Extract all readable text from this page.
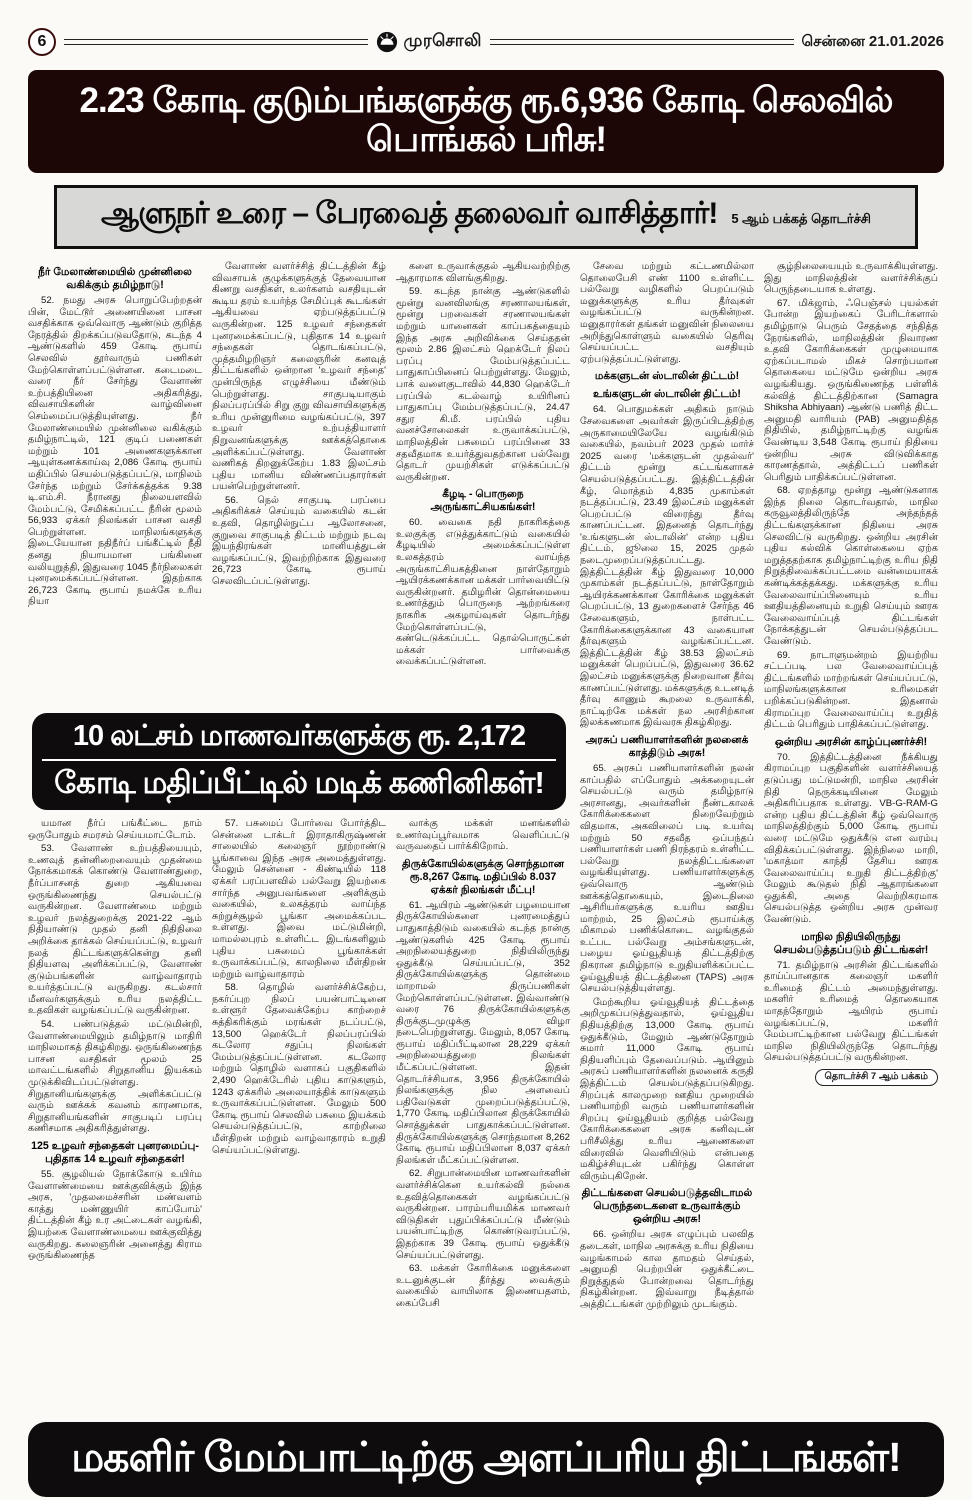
6	முரசொலி	சென்னை 21.01.2026
2.23 கோடி குடும்பங்களுக்கு ரூ.6,936 கோடி செலவில் பொங்கல் பரிசு!
ஆளுநர் உரை – பேரவைத் தலைவர் வாசித்தார்! 5 ஆம் பக்கத் தொடர்ச்சி
நீர் மேலாண்மையில் முன்னிலை வகிக்கும் தமிழ்நாடு!
52. நமது அரசு பொறுப்பேற்றதன் பின், மேட்டூர் அணையினை பாசன வசதிக்காக ஒவ்வொரு ஆண்டும் குறித்த நேரத்தில் திறக்கப்படுவதோடு, கடந்த 4 ஆண்டுகளில் 459 கோடி ரூபாய் செலவில் தூர்வாரும் பணிகள் மேற்கொள்ளப்பட்டுள்ளன. கடைமடை வரை நீர் சேர்ந்து வேளாண் உற்பத்தியினை அதிகரித்து, விவசாயிகளின் வாழ்வினை செம்மைப்படுத்தியுள்ளது. நீர் மேலாண்மையில் முன்னிலை வகிக்கும் தமிழ்நாட்டில், 121 குடிப் பணைகள் மற்றும் 101 அணைகளுக்கான ஆயுள்கணக்காய்வு 2,086 கோடி ரூபாய் மதிப்பில் செயல்படுத்தப்பட்டு, மாநிலம் சேர்ந்த மற்றும் சேர்க்கத்தக்க 9.38 டி.எம்.சி. நீரானது நிலையளவில் மேம்பட்டு, சேமிக்கப்பட்ட நீரின் மூலம் 56,933 ஏக்கர் நிலங்கள் பாசன வசதி பெற்றுள்ளன. மாநிலங்களுக்கு இடையேயான நதிநீர்ப் பங்கீட்டில் நீதி தனது நியாயமான பங்கினை வலியுறுத்தி, இதுவரை 1045 நீர்நிலைகள் புனரமைக்கப்பட்டுள்ளன. இதற்காக 26,723 கோடி ரூபாய் நமக்கே உரிய நியா
வேளாண் வளர்ச்சித் திட்டத்தின் கீழ் விவசாயக் குழுக்களுக்குத் தேவையான கிணறு வசதிகள், உலர்களம் வசதியுடன் கூடிய தரம் உயர்ந்த சேமிப்புக் கூடங்கள் ஆகியவை ஏற்படுத்தப்பட்டு வருகின்றன. 125 உழவர் சந்தைகள் புனரமைக்கப்பட்டு, புதிதாக 14 உழவர் சந்தைகள் தொடங்கப்பட்டு, முத்தமிழறிஞர் கலைஞரின் கனவுத் திட்டங்களில் ஒன்றான 'உழவர் சந்தை' முன்பிருந்த எழுச்சியை மீண்டும் பெற்றுள்ளது. சாகுபடியாகும் நிலப்பரப்பில் சிறு குறு விவசாயிகளுக்கு உரிய முன்னுரிமை வழங்கப்பட்டு, 397 உழவர் உற்பத்தியாளர் நிறுவனங்களுக்கு ஊக்கத்தொகை அளிக்கப்பட்டுள்ளது. வேளாண் வணிகத் திறனுக்கேற்ப 1.83 இலட்சம் புதிய மானிய விண்ணப்பதாரர்கள் பயன்பெற்றுள்ளனர்.
56. நெல் சாகுபடி பரப்பை அதிகரிக்கச் செய்யும் வகையில் கடன் உதவி, தொழில்நுட்ப ஆலோசனை, குறுவை சாகுபடித் திட்டம் மற்றும் நடவு இயந்திரங்கள் மானியத்துடன் வழங்கப்பட்டு, இவற்றிற்காக இதுவரை 26,723 கோடி ரூபாய் செலவிடப்பட்டுள்ளது.
களை உருவாக்குதல் ஆகியவற்றிற்கு ஆதாரமாக விளங்குகிறது.
59. கடந்த நான்கு ஆண்டுகளில் மூன்று வனவிலங்கு சரணாலயங்கள், மூன்று பறவைகள் சரணாலயங்கள் மற்றும் யானைகள் காப்பகத்தையும் இந்த அரசு அறிவிக்கை செய்ததன் மூலம் 2.86 இலட்சம் ஹெக்டேர் நிலப் பரப்பு மேம்படுத்தப்பட்ட பாதுகாப்பினைப் பெற்றுள்ளது. மேலும், பாக் வளைகுடாவில் 44,830 ஹெக்டேர் பரப்பில் கடல்வாழ் உயிரினப் பாதுகாப்பு மேம்படுத்தப்பட்டு, 24.47 சதுர கி.மீ. பரப்பில் புதிய வனச்சோலைகள் உருவாக்கப்பட்டு, மாநிலத்தின் பசுமைப் பரப்பினை 33 சதவீதமாக உயர்த்துவதற்கான பல்வேறு தொடர் முயற்சிகள் எடுக்கப்பட்டு வருகின்றன.
கீழடி - பொருநை அருங்காட்சியகங்கள்!
60. வைகை நதி நாகரிகத்தை உலகுக்கு எடுத்துக்காட்டும் வகையில் கீழடியில் அமைக்கப்பட்டுள்ள உலகத்தரம் வாய்ந்த அருங்காட்சியகத்தினை நாள்தோறும் ஆயிரக்கணக்கான மக்கள் பார்வையிட்டு வருகின்றனர். தமிழரின் தொன்மையை உணர்த்தும் பொருநை ஆற்றங்கரை நாகரிக அகழாய்வுகள் தொடர்ந்து மேற்கொள்ளப்பட்டு, கண்டெடுக்கப்பட்ட தொல்பொருட்கள் மக்கள் பார்வைக்கு வைக்கப்பட்டுள்ளன.
10 லட்சம் மாணவர்களுக்கு ரூ. 2,172
கோடி மதிப்பீட்டில் மடிக் கணினிகள்!
யமான நீர்ப் பங்கீட்டை நாம் ஒருபோதும் சமரசம் செய்யமாட்டோம்.
53. வேளாண் உற்பத்தியையும், உணவுத் தன்னிறைவையும் முதன்மை நோக்கமாகக் கொண்டு வேளாண்துறை, நீர்ப்பாசனத் துறை ஆகியவை ஒருங்கிணைந்து செயல்பட்டு வருகின்றன. வேளாண்மை மற்றும் உழவர் நலத்துறைக்கு 2021-22 ஆம் நிதியாண்டு முதல் தனி நிதிநிலை அறிக்கை தாக்கல் செய்யப்பட்டு, உழவர் நலத் திட்டங்களுக்கென்று தனி நிதியளவு அளிக்கப்பட்டு, வேளாண் குடும்பங்களின் வாழ்வாதாரம் உயர்த்தப்பட்டு வருகிறது. கடல்சார் மீனவர்களுக்கும் உரிய நலத்திட்ட உதவிகள் வழங்கப்பட்டு வருகின்றன.
54. பண்படுத்தல் மட்டுமின்றி, வேளாண்மையிலும் தமிழ்நாடு மாதிரி மாநிலமாகத் திகழ்கிறது. ஒருங்கிணைந்த பாசன வசதிகள் மூலம் 25 மாவட்டங்களில் சிறுதானிய இயக்கம் முடுக்கிவிடப்பட்டுள்ளது. சிறுதானியங்களுக்கு அளிக்கப்பட்டு வரும் ஊக்கக் கவனம் காரணமாக, சிறுதானியங்களின் சாகுபடிப் பரப்பு கணிசமாக அதிகரித்துள்ளது.
125 உழவர் சந்தைகள் புனரமைப்பு- புதிதாக 14 உழவர் சந்தைகள்!
55. சூழலியல் நோக்கோடு உயிர்ம வேளாண்மையை ஊக்குவிக்கும் இந்த அரசு, 'முதலமைச்சரின் மண்வளம் காத்து மண்ணுயிர் காப்போம்' திட்டத்தின் கீழ் உர அட்டைகள் வழங்கி, இயற்கை வேளாண்மையை ஊக்குவித்து வருகிறது. கலைஞரின் அனைத்து கிராம ஒருங்கிணைந்த
57. பசுமைப் போர்வை போர்த்திட சென்னை டாக்டர் இராதாகிருஷ்ணன் சாலையில் கலைஞர் நூற்றாண்டு பூங்காவை இந்த அரசு அமைத்துள்ளது. மேலும் சென்னை - கிண்டியில் 118 ஏக்கர் பரப்பளவில் பல்வேறு இயற்கை சார்ந்த அனுபவங்களை அளிக்கும் வகையில், உலகத்தரம் வாய்ந்த சுற்றுச்சூழல் பூங்கா அமைக்கப்பட உள்ளது. இவை மட்டுமின்றி, மாமல்லபுரம் உள்ளிட்ட இடங்களிலும் புதிய பசுமைப் பூங்காக்கள் உருவாக்கப்பட்டு, காலநிலை மீள்திறன் மற்றும் வாழ்வாதாரம்
58. தொழில் வளர்ச்சிக்கேற்ப, நகர்ப்புற நிலப் பயன்பாட்டினை உள்ளூர் தேவைக்கேற்ப காற்றைச் சுத்திகரிக்கும் மரங்கள் நடப்பட்டு, 13,500 ஹெக்டேர் நிலப்பரப்பில் கடலோர சதுப்பு நிலங்கள் மேம்படுத்தப்பட்டுள்ளன. கடலோர மற்றும் தொழில் வளாகப் பகுதிகளில் 2,490 ஹெக்டேரில் புதிய காடுகளும், 1243 ஏக்கரில் அலையாத்திக் காடுகளும் உருவாக்கப்பட்டுள்ளன. மேலும் 500 கோடி ரூபாய் செலவில் பசுமை இயக்கம் செயல்படுத்தப்பட்டு, காற்றிலை மீள்திறன் மற்றும் வாழ்வாதாரம் உறுதி செய்யப்பட்டுள்ளது.
வாக்கு மக்கள் மனங்களில் உணர்வுப்பூர்வமாக வெளிப்பட்டு வருவதைப் பார்க்கிறோம்.
திருக்கோயில்களுக்கு சொந்தமான ரூ.8,267 கோடி மதிப்பில் 8.037 ஏக்கர் நிலங்கள் மீட்பு!
61. ஆயிரம் ஆண்டுகள் பழமையான திருக்கோயில்களை புனரமைத்துப் பாதுகாத்திடும் வகையில் கடந்த நான்கு ஆண்டுகளில் 425 கோடி ரூபாய் அறநிலையத்துறை நிதியிலிருந்து ஒதுக்கீடு செய்யப்பட்டு, 352 திருக்கோயில்களுக்கு தொன்மை மாறாமல் திருப்பணிகள் மேற்கொள்ளப்பட்டுள்ளன. இவ்வாண்டு வரை 76 திருக்கோயில்களுக்கு திருக்குடமுழுக்கு விழா நடைபெற்றுள்ளது. மேலும், 8,057 கோடி ரூபாய் மதிப்பீட்டிலான 28,229 ஏக்கர் அறநிலையத்துறை நிலங்கள் மீட்கப்பட்டுள்ளன. இதன் தொடர்ச்சியாக, 3,956 திருக்கோயில் நிலங்களுக்கு நில அளவைப் பதிவேடுகள் முறைப்படுத்தப்பட்டு, 1,770 கோடி மதிப்பிலான திருக்கோயில் சொத்துக்கள் பாதுகாக்கப்பட்டுள்ளன. திருக்கோயில்களுக்கு சொந்தமான 8,262 கோடி ரூபாய் மதிப்பிலான 8,037 ஏக்கர் நிலங்கள் மீட்கப்பட்டுள்ளன.
62. சிறுபான்மையின மாணவர்களின் வளர்ச்சிக்கென உயர்கல்வி நல்கை உதவித்தொகைகள் வழங்கப்பட்டு வருகின்றன. பாரம்பரியமிக்க மாணவர் விடுதிகள் புதுப்பிக்கப்பட்டு மீண்டும் பயன்பாட்டிற்கு கொண்டுவரப்பட்டு, இதற்காக 39 கோடி ரூபாய் ஒதுக்கீடு செய்யப்பட்டுள்ளது.
63. மக்கள் கோரிக்கை மனுக்களை உடனுக்குடன் தீர்த்து வைக்கும் வகையில் வாயிலாக இணையதளம், கைப்பேசி
சேவை மற்றும் கட்டணமில்லா தொலைபேசி எண் 1100 உள்ளிட்ட பல்வேறு வழிகளில் பெறப்படும் மனுக்களுக்கு உரிய தீர்வுகள் வழங்கப்பட்டு வருகின்றன. மனுதாரர்கள் தங்கள் மனுவின் நிலையை அறிந்துகொள்ளும் வகையில் தெரிவு செய்யப்பட்ட வசதியும் ஏற்படுத்தப்பட்டுள்ளது.
மக்களுடன் ஸ்டாலின் திட்டம்!
உங்களுடன் ஸ்டாலின் திட்டம்!
64. பொதுமக்கள் அதிகம் நாடும் சேவைகளை அவர்கள் இருப்பிடத்திற்கு அருகாமையிலேயே வழங்கிடும் வகையில், நவம்பர் 2023 முதல் மார்ச் 2025 வரை 'மக்களுடன் முதல்வர்' திட்டம் மூன்று கட்டங்களாகச் செயல்படுத்தப்பட்டது. இத்திட்டத்தின் கீழ், மொத்தம் 4,835 முகாம்கள் நடத்தப்பட்டு, 23.49 இலட்சம் மனுக்கள் பெறப்பட்டு விரைந்து தீர்வு காணப்பட்டன. இதனைத் தொடர்ந்து 'உங்களுடன் ஸ்டாலின்' என்ற புதிய திட்டம், ஜூலை 15, 2025 முதல் நடைமுறைப்படுத்தப்பட்டது. இத்திட்டத்தின் கீழ் இதுவரை 10,000 முகாம்கள் நடத்தப்பட்டு, நாள்தோறும் ஆயிரக்கணக்கான கோரிக்கை மனுக்கள் பெறப்பட்டு, 13 துறைகளைச் சேர்ந்த 46 சேவைகளும், நாள்பட்ட கோரிக்கைகளுக்கான 43 வகையான தீர்வுகளும் வழங்கப்பட்டன. இத்திட்டத்தின் கீழ் 38.53 இலட்சம் மனுக்கள் பெறப்பட்டு, இதுவரை 36.62 இலட்சம் மனுக்களுக்கு நிறைவான தீர்வு காணப்பட்டுள்ளது. மக்களுக்கு உடனடித் தீர்வு காணும் கூறலை உருவாக்கி, நாட்டிற்கே மக்கள் நல அரசிற்கான இலக்கணமாக இவ்வரசு திகழ்கிறது.
அரசுப் பணியாளர்களின் நலனைக் காத்திடும் அரசு!
65. அரசுப் பணியாளர்களின் நலன் காப்பதில் எப்போதும் அக்கறையுடன் செயல்பட்டு வரும் தமிழ்நாடு அரசானது, அவர்களின் நீண்டகாலக் கோரிக்கைகளை நிறைவேற்றும் விதமாக, அகவிலைப் படி உயர்வு மற்றும் 50 சதவீத ஒப்பந்தப் பணியாளர்கள் பணி நிரந்தரம் உள்ளிட்ட பல்வேறு நலத்திட்டங்களை வழங்கியுள்ளது. பணியாளர்களுக்கு ஒவ்வொரு ஆண்டும் ஊக்கத்தொகையும், இடைநிலை ஆசிரியர்களுக்கு உயரிய ஊதிய மாற்றம், 25 இலட்சம் ரூபாய்க்கு மிகாமல் பணிக்கொடை வழங்குதல் உட்பட பல்வேறு அம்சங்களுடன், பழைய ஓய்வூதியத் திட்டத்திற்கு நிகரான தமிழ்நாடு உறுதியளிக்கப்பட்ட ஓய்வூதியத் திட்டத்தினை (TAPS) அரசு செயல்படுத்தியுள்ளது.
மேற்கூறிய ஓய்வூதியத் திட்டத்தை அறிமுகப்படுத்துவதால், ஓய்வூதிய நிதியத்திற்கு 13,000 கோடி ரூபாய் ஒதுக்கீடும், மேலும் ஆண்டுதோறும் சுமார் 11,000 கோடி ரூபாய் நிதியளிப்பும் தேவைப்படும். ஆயினும் அரசுப் பணியாளர்களின் நலனைக் கருதி இத்திட்டம் செயல்படுத்தப்படுகிறது. சிறப்புக் காலமுறை ஊதிய முறையில் பணியாற்றி வரும் பணியாளர்களின் சிறப்பு ஓய்வூதியம் குறித்த பல்வேறு கோரிக்கைகளை அரசு கனிவுடன் பரிசீலித்து உரிய ஆணைகளை விரைவில் வெளியிடும் என்பதை மகிழ்ச்சியுடன் பகிர்ந்து கொள்ள விரும்புகிறேன்.
திட்டங்களை செயல்படுத்தவிடாமல் பெருந்தடைகளை உருவாக்கும் ஒன்றிய அரசு!
66. ஒன்றிய அரசு எழுப்பும் பலவித தடைகள், மாநில அரசுக்கு உரிய நிதியை வழங்காமல் கால தாமதம் செய்தல், அனுமதி பெற்றபின் ஒதுக்கீட்டை நிறுத்துதல் போன்றவை தொடர்ந்து நிகழ்கின்றன. இவ்வாறு நீடித்தால் அத்திட்டங்கள் முற்றிலும் முடங்கும்.
சூழ்நிலையையும் உருவாக்கியுள்ளது. இது மாநிலத்தின் வளர்ச்சிக்குப் பெருந்தடையாக உள்ளது.
67. மிக்ஜாம், ஃபெஞ்சல் புயல்கள் போன்ற இயற்கைப் பேரிடர்களால் தமிழ்நாடு பெரும் சேதத்தை சந்தித்த நேரங்களில், மாநிலத்தின் நிவாரண உதவி கோரிக்கைகள் முழுமையாக ஏற்கப்படாமல் மிகச் சொற்பமான தொகையை மட்டுமே ஒன்றிய அரசு வழங்கியது. ஒருங்கிணைந்த பள்ளிக் கல்வித் திட்டத்திற்கான (Samagra Shiksha Abhiyaan) ஆண்டு பணித் திட்ட அனுமதி வாரியம் (PAB) அனுமதித்த நிதியில், தமிழ்நாட்டிற்கு வழங்க வேண்டிய 3,548 கோடி ரூபாய் நிதியை ஒன்றிய அரசு விடுவிக்காத காரணத்தால், அத்திட்டப் பணிகள் பெரிதும் பாதிக்கப்பட்டுள்ளன.
68. ஏறத்தாழ மூன்று ஆண்டுகளாக இந்த நிலை தொடர்வதால், மாநில கருவூலத்திலிருந்தே அந்தந்தத் திட்டங்களுக்கான நிதியை அரசு செலவிட்டு வருகிறது. ஒன்றிய அரசின் புதிய கல்விக் கொள்கையை ஏற்க மறுத்ததற்காக தமிழ்நாட்டிற்கு உரிய நிதி நிறுத்திவைக்கப்பட்டமை வன்மையாகக் கண்டிக்கத்தக்கது. மக்களுக்கு உரிய வேலைவாய்ப்பினையும் உரிய ஊதியத்தினையும் உறுதி செய்யும் ஊரக வேலைவாய்ப்புத் திட்டங்கள் நோக்கத்துடன் செயல்படுத்தப்பட வேண்டும்.
69. நாடாளுமன்றம் இயற்றிய சட்டப்படி பல வேலைவாய்ப்புத் திட்டங்களில் மாற்றங்கள் செய்யப்பட்டு, மாநிலங்களுக்கான உரிமைகள் பறிக்கப்படுகின்றன. இதனால் கிராமப்புற வேலைவாய்ப்பு உறுதித் திட்டம் பெரிதும் பாதிக்கப்பட்டுள்ளது.
ஒன்றிய அரசின் காழ்ப்புணர்ச்சி!
70. இத்திட்டத்தினை நீக்கியது கிராமப்புற பகுதிகளின் வளர்ச்சியைத் தடுப்பது மட்டுமன்றி, மாநில அரசின் நிதி நெருக்கடியினை மேலும் அதிகரிப்பதாக உள்ளது. VB-G-RAM-G என்ற புதிய திட்டத்தின் கீழ் ஒவ்வொரு மாநிலத்திற்கும் 5,000 கோடி ரூபாய் வரை மட்டுமே ஒதுக்கீடு என வரம்பு விதிக்கப்பட்டுள்ளது. இந்நிலை மாறி, 'மகாத்மா காந்தி தேசிய ஊரக வேலைவாய்ப்பு உறுதி திட்டத்திற்கு' மேலும் கூடுதல் நிதி ஆதாரங்களை ஒதுக்கி, அதை வெற்றிகரமாக செயல்படுத்த ஒன்றிய அரசு முன்வர வேண்டும்.
மாநில நிதியிலிருந்து செயல்படுத்தப்படும் திட்டங்கள்!
71. தமிழ்நாடு அரசின் திட்டங்களில் தாய்ப்பானதாக கலைஞர் மகளிர் உரிமைத் திட்டம் அமைந்துள்ளது. மகளிர் உரிமைத் தொகையாக மாதந்தோறும் ஆயிரம் ரூபாய் வழங்கப்பட்டு, மகளிர் மேம்பாட்டிற்கான பல்வேறு திட்டங்கள் மாநில நிதியிலிருந்தே தொடர்ந்து செயல்படுத்தப்பட்டு வருகின்றன.
தொடர்ச்சி 7 ஆம் பக்கம்
மகளிர் மேம்பாட்டிற்கு அளப்பரிய திட்டங்கள்!
